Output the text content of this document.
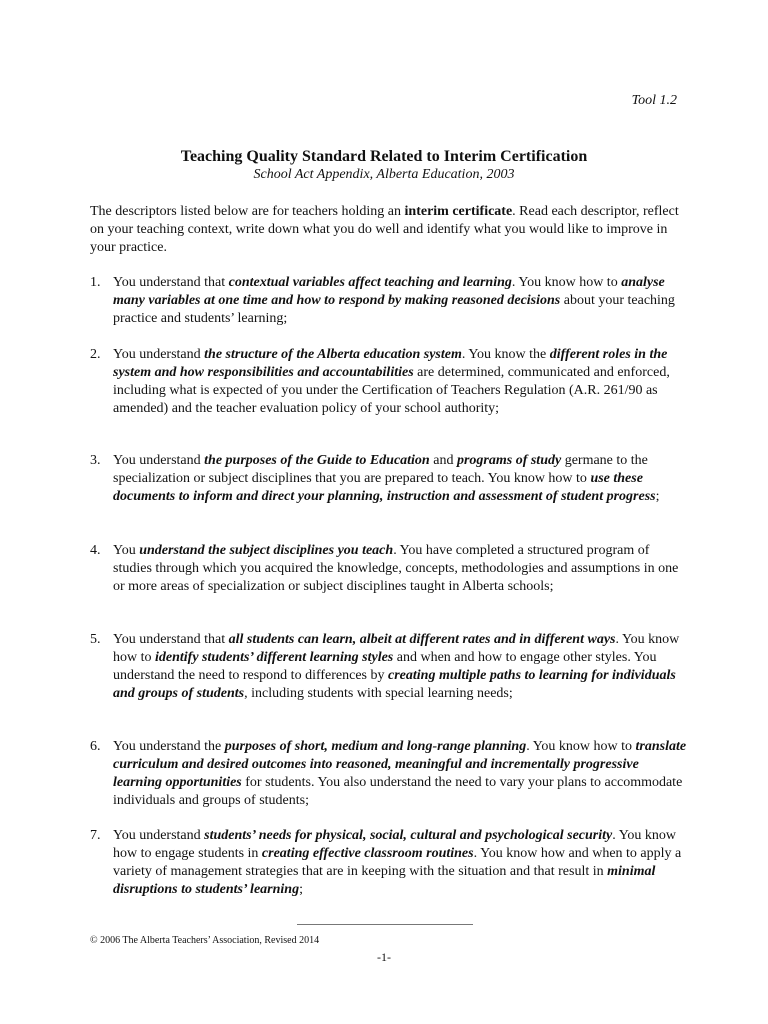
Tool 1.2
Teaching Quality Standard Related to Interim Certification
School Act Appendix, Alberta Education, 2003
The descriptors listed below are for teachers holding an interim certificate. Read each descriptor, reflect on your teaching context, write down what you do well and identify what you would like to improve in your practice.
1. You understand that contextual variables affect teaching and learning. You know how to analyse many variables at one time and how to respond by making reasoned decisions about your teaching practice and students’ learning;
2. You understand the structure of the Alberta education system. You know the different roles in the system and how responsibilities and accountabilities are determined, communicated and enforced, including what is expected of you under the Certification of Teachers Regulation (A.R. 261/90 as amended) and the teacher evaluation policy of your school authority;
3. You understand the purposes of the Guide to Education and programs of study germane to the specialization or subject disciplines that you are prepared to teach. You know how to use these documents to inform and direct your planning, instruction and assessment of student progress;
4. You understand the subject disciplines you teach. You have completed a structured program of studies through which you acquired the knowledge, concepts, methodologies and assumptions in one or more areas of specialization or subject disciplines taught in Alberta schools;
5. You understand that all students can learn, albeit at different rates and in different ways. You know how to identify students’ different learning styles and when and how to engage other styles. You understand the need to respond to differences by creating multiple paths to learning for individuals and groups of students, including students with special learning needs;
6. You understand the purposes of short, medium and long-range planning. You know how to translate curriculum and desired outcomes into reasoned, meaningful and incrementally progressive learning opportunities for students. You also understand the need to vary your plans to accommodate individuals and groups of students;
7. You understand students’ needs for physical, social, cultural and psychological security. You know how to engage students in creating effective classroom routines. You know how and when to apply a variety of management strategies that are in keeping with the situation and that result in minimal disruptions to students’ learning;
© 2006 The Alberta Teachers’ Association, Revised 2014
-1-
